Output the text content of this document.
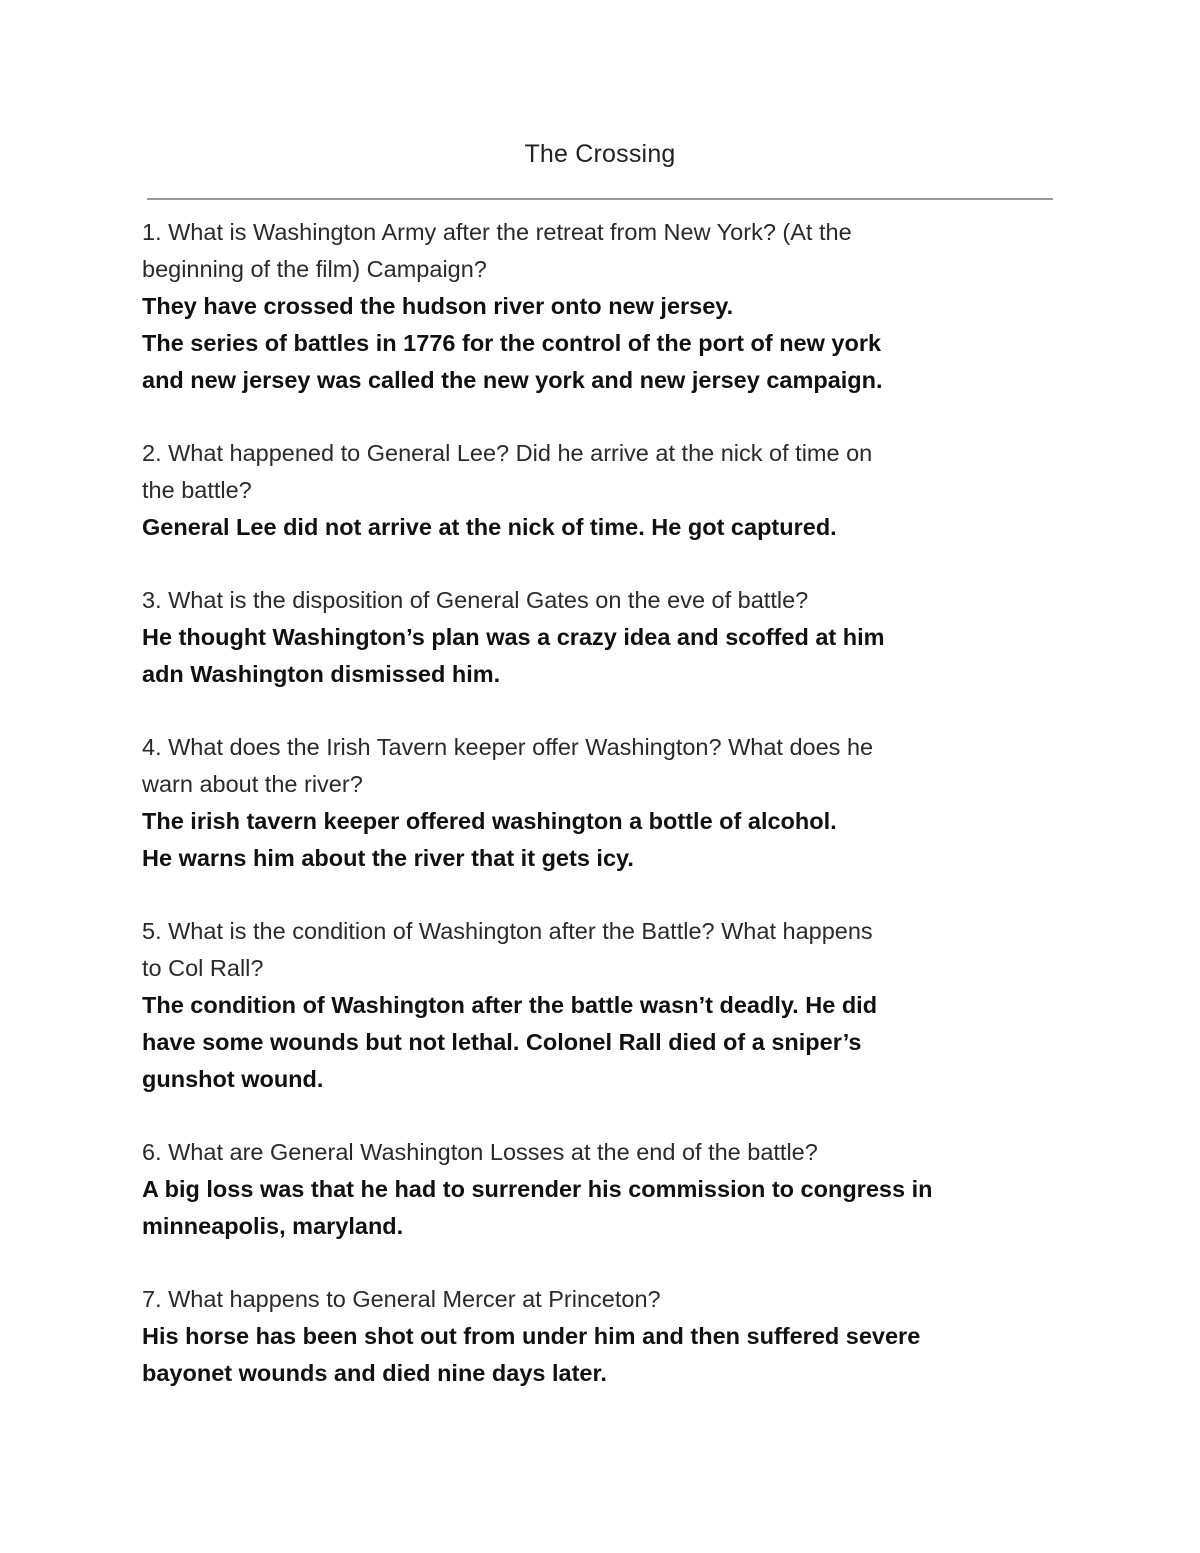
The Crossing
1. What is Washington Army after the retreat from New York? (At the
beginning of the film) Campaign?
They have crossed the hudson river onto new jersey.
The series of battles in 1776 for the control of the port of new york
and new jersey was called the new york and new jersey campaign.
2. What happened to General Lee? Did he arrive at the nick of time on
the battle?
General Lee did not arrive at the nick of time. He got captured.
3. What is the disposition of General Gates on the eve of battle?
He thought Washington’s plan was a crazy idea and scoffed at him
adn Washington dismissed him.
4. What does the Irish Tavern keeper offer Washington? What does he
warn about the river?
The irish tavern keeper offered washington a bottle of alcohol.
He warns him about the river that it gets icy.
5. What is the condition of Washington after the Battle? What happens
to Col Rall?
The condition of Washington after the battle wasn’t deadly. He did
have some wounds but not lethal. Colonel Rall died of a sniper’s
gunshot wound.
6. What are General Washington Losses at the end of the battle?
A big loss was that he had to surrender his commission to congress in
minneapolis, maryland.
7. What happens to General Mercer at Princeton?
His horse has been shot out from under him and then suffered severe
bayonet wounds and died nine days later.
